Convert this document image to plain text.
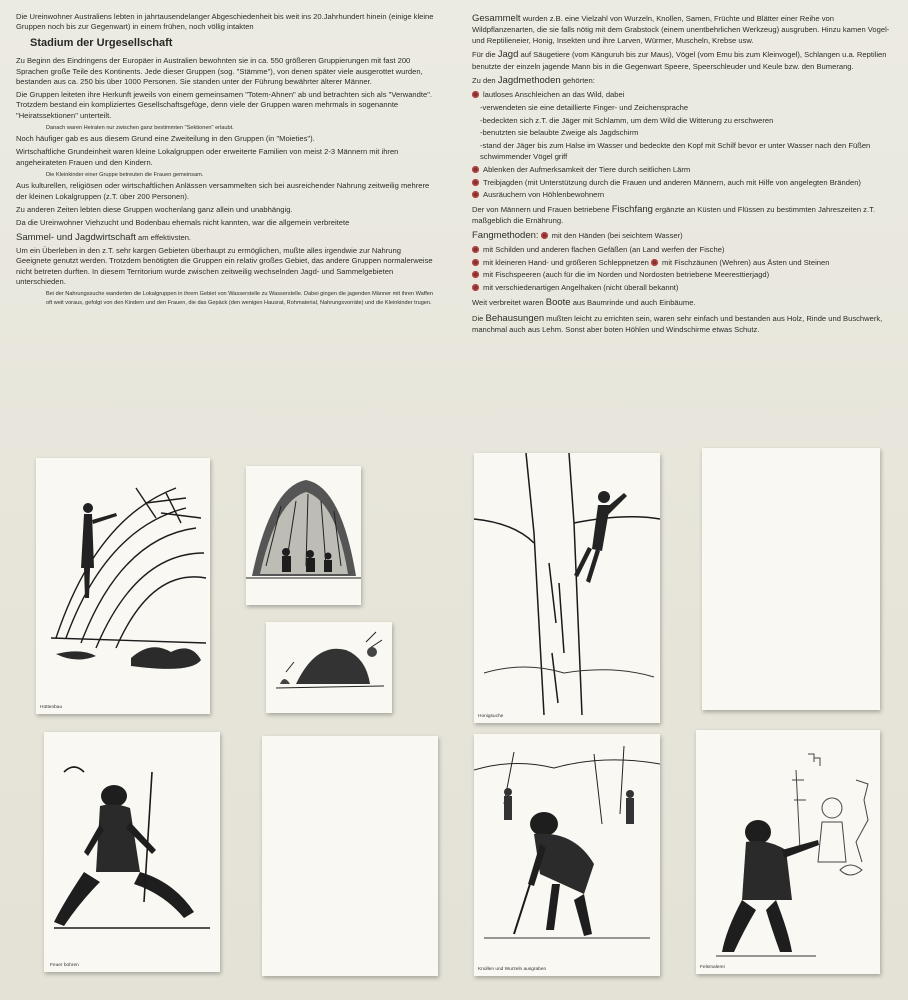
Die Ureinwohner Australiens lebten in jahrtausendelanger Abgeschiedenheit bis weit ins 20.Jahrhundert hinein (einige kleine Gruppen noch bis zur Gegenwart) in einem frühen, noch völlig intakten

Stadium der Urgesellschaft

Zu Beginn des Eindringens der Europäer in Australien bewohnten sie in ca. 550 größeren Gruppierungen mit fast 200 Sprachen große Teile des Kontinents. Jede dieser Gruppen (sog. "Stämme"), von denen später viele ausgerottet wurden, bestanden aus ca. 250 bis über 1000 Personen. Sie standen unter der Führung bewährter älterer Männer.

Die Gruppen leiteten ihre Herkunft jeweils von einem gemeinsamen "Totem-Ahnen" ab und betrachten sich als "Verwandte". Trotzdem bestand ein kompliziertes Gesellschaftsgefüge, denn viele der Gruppen waren mehrmals in sogenannte "Heiratssektionen" unterteilt.

Danach waren Heiraten nur zwischen ganz bestimmten "Sektionen" erlaubt.

Noch häufiger gab es aus diesem Grund eine Zweiteilung in den Gruppen (in "Moieties").

Wirtschaftliche Grundeinheit waren kleine Lokalgruppen oder erweiterte Familien von meist 2-3 Männern mit ihren angeheirateten Frauen und den Kindern.

Die Kleinkinder einer Gruppe betreuten die Frauen gemeinsam.

Aus kulturellen, religiösen oder wirtschaftlichen Anlässen versammelten sich bei ausreichender Nahrung zeitweilig mehrere der kleinen Lokalgruppen (z.T. über 200 Personen).

Zu anderen Zeiten lebten diese Gruppen wochenlang ganz allein und unabhängig.

Da die Ureinwohner Viehzucht und Bodenbau ehemals nicht kannten, war die allgemein verbreitete

Sammel- und Jagdwirtschaft am effektivsten.

Um ein Überleben in den z.T. sehr kargen Gebieten überhaupt zu ermöglichen, mußte alles irgendwie zur Nahrung Geeignete genutzt werden. Trotzdem benötigten die Gruppen ein relativ großes Gebiet, das andere Gruppen normalerweise nicht betreten durften. In diesem Territorium wurde zwischen zeitweilig wechselnden Jagd- und Sammelgebieten unterschieden.

Bei der Nahrungssuche wanderten die Lokalgruppen in ihrem Gebiet von Wasserstelle zu Wasserstelle. Dabei gingen die jagenden Männer mit ihren Waffen oft weit voraus, gefolgt von den Kindern und den Frauen, die das Gepäck (den wenigen Hausrat, Rohmaterial, Nahrungsvorräte) und die Kleinkinder trugen.

Gesammelt wurden z.B. eine Vielzahl von Wurzeln, Knollen, Samen, Früchte und Blätter einer Reihe von Wildpflanzenarten, die sie falls nötig mit dem Grabstock (einem unentbehrlichen Werkzeug) ausgruben. Hinzu kamen Vogel- und Reptilieneier, Honig, Insekten und ihre Larven, Würmer, Muscheln, Krebse usw.

Für die Jagd auf Säugetiere (vom Känguruh bis zur Maus), Vögel (vom Emu bis zum Kleinvogel), Schlangen u.a. Reptilien benutzte der einzeln jagende Mann bis in die Gegenwart Speere, Speerschleuder und Keule bzw. den Bumerang.

Zu den Jagdmethoden gehörten:

lautloses Anschleichen an das Wild, dabei

-verwendeten sie eine detaillierte Finger- und Zeichensprache

-bedeckten sich z.T. die Jäger mit Schlamm, um dem Wild die Witterung zu erschweren

-benutzten sie belaubte Zweige als Jagdschirm

-stand der Jäger bis zum Halse im Wasser und bedeckte den Kopf mit Schilf bevor er unter Wasser nach den Füßen schwimmender Vögel griff

Ablenken der Aufmerksamkeit der Tiere durch seitlichen Lärm

Treibjagden (mit Unterstützung durch die Frauen und anderen Männern, auch mit Hilfe von angelegten Bränden)

Ausräuchern von Höhlenbewohnern

Der von Männern und Frauen betriebene Fischfang ergänzte an Küsten und Flüssen zu bestimmten Jahreszeiten z.T. maßgeblich die Ernährung.

Fangmethoden: mit den Händen (bei seichtem Wasser)

mit Schilden und anderen flachen Gefäßen (an Land werfen der Fische)

mit kleineren Hand- und größeren Schleppnetzen mit Fischzäunen (Wehren) aus Ästen und Steinen

mit Fischspeeren (auch für die im Norden und Nordosten betriebene Meeresttierjagd)

mit verschiedenartigen Angelhaken (nicht überall bekannt)

Weit verbreitet waren Boote aus Baumrinde und auch Einbäume.

Die Behausungen mußten leicht zu errichten sein, waren sehr einfach und bestanden aus Holz, Rinde und Buschwerk, manchmal auch aus Lehm. Sonst aber boten Höhlen und Windschirme etwas Schutz.

Hüttenbau
Honigsuche
Feuer bohren
Knollen und Wurzeln ausgraben	Felsmalerei
